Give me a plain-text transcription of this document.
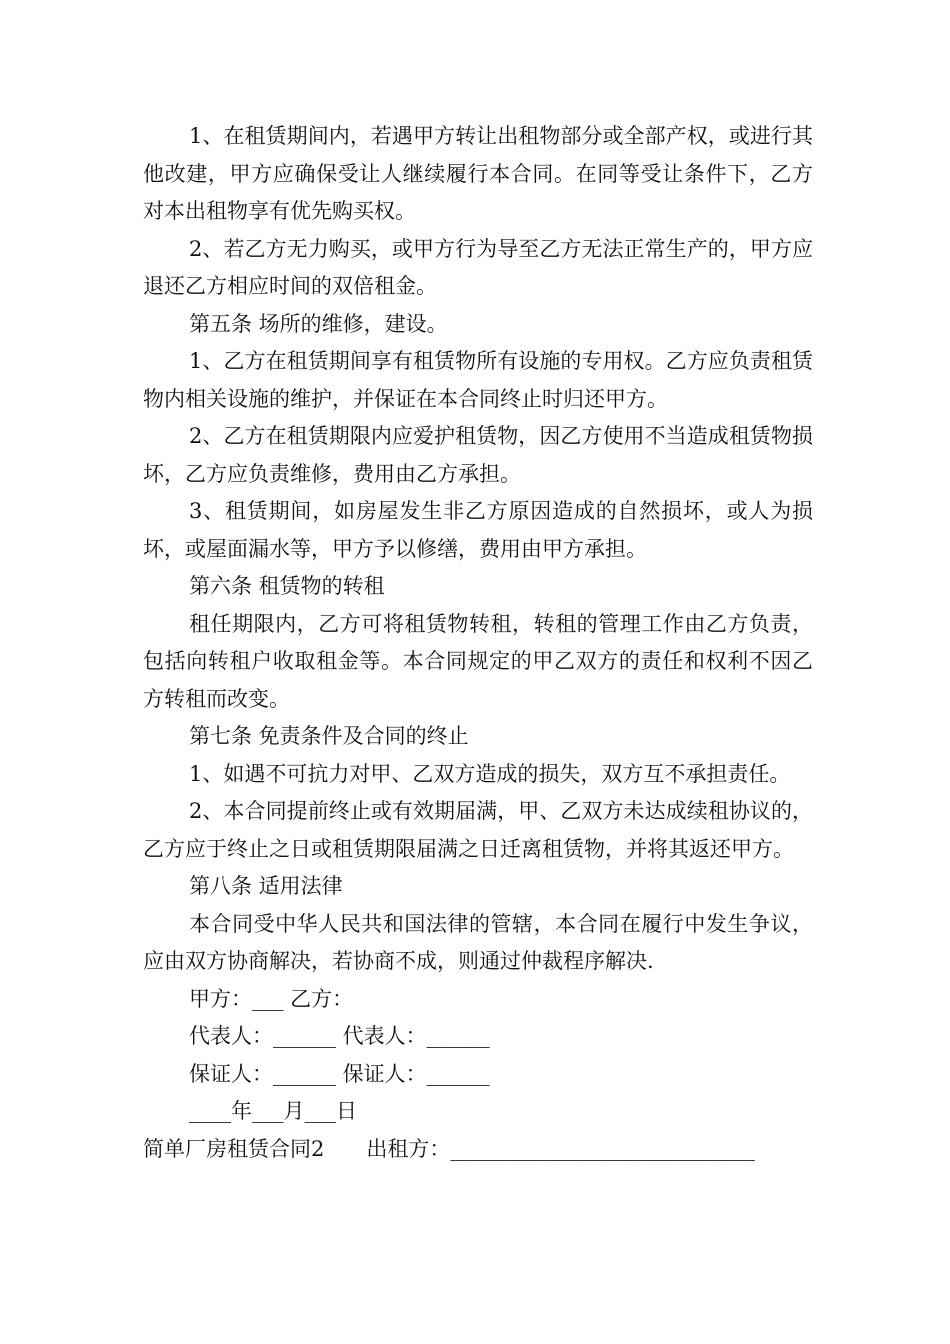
1、在租赁期间内，若遇甲方转让出租物部分或全部产权，或进行其他改建，甲方应确保受让人继续履行本合同。在同等受让条件下，乙方对本出租物享有优先购买权。

2、若乙方无力购买，或甲方行为导至乙方无法正常生产的，甲方应退还乙方相应时间的双倍租金。

第五条 场所的维修，建设。

1、乙方在租赁期间享有租赁物所有设施的专用权。乙方应负责租赁物内相关设施的维护，并保证在本合同终止时归还甲方。

2、乙方在租赁期限内应爱护租赁物，因乙方使用不当造成租赁物损坏，乙方应负责维修，费用由乙方承担。

3、租赁期间，如房屋发生非乙方原因造成的自然损坏，或人为损坏，或屋面漏水等，甲方予以修缮，费用由甲方承担。

第六条 租赁物的转租

租任期限内，乙方可将租赁物转租，转租的管理工作由乙方负责，包括向转租户收取租金等。本合同规定的甲乙双方的责任和权利不因乙方转租而改变。

第七条 免责条件及合同的终止

1、如遇不可抗力对甲、乙双方造成的损失，双方互不承担责任。

2、本合同提前终止或有效期届满，甲、乙双方未达成续租协议的，乙方应于终止之日或租赁期限届满之日迁离租赁物，并将其返还甲方。

第八条 适用法律

本合同受中华人民共和国法律的管辖，本合同在履行中发生争议，应由双方协商解决，若协商不成，则通过仲裁程序解决.

甲方：___ 乙方：

代表人：______ 代表人：______

保证人：______ 保证人：______

____年___月___日

简单厂房租赁合同2　　出租方：_____________________________
